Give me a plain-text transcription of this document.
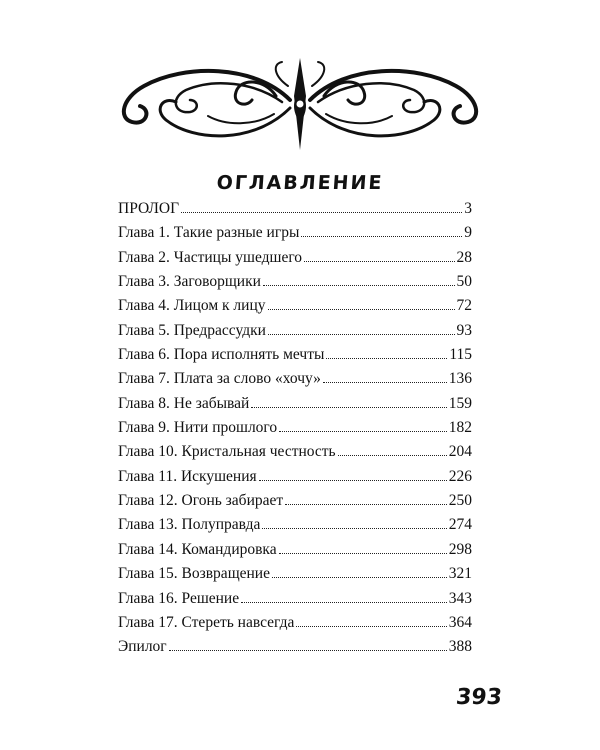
ОГЛАВЛЕНИЕ
ПРОЛОГ	3
Глава 1. Такие разные игры	9
Глава 2. Частицы ушедшего	28
Глава 3. Заговорщики	50
Глава 4. Лицом к лицу	72
Глава 5. Предрассудки	93
Глава 6. Пора исполнять мечты	115
Глава 7. Плата за слово «хочу»	136
Глава 8. Не забывай	159
Глава 9. Нити прошлого	182
Глава 10. Кристальная честность	204
Глава 11. Искушения	226
Глава 12. Огонь забирает	250
Глава 13. Полуправда	274
Глава 14. Командировка	298
Глава 15. Возвращение	321
Глава 16. Решение	343
Глава 17. Стереть навсегда	364
Эпилог	388
393
